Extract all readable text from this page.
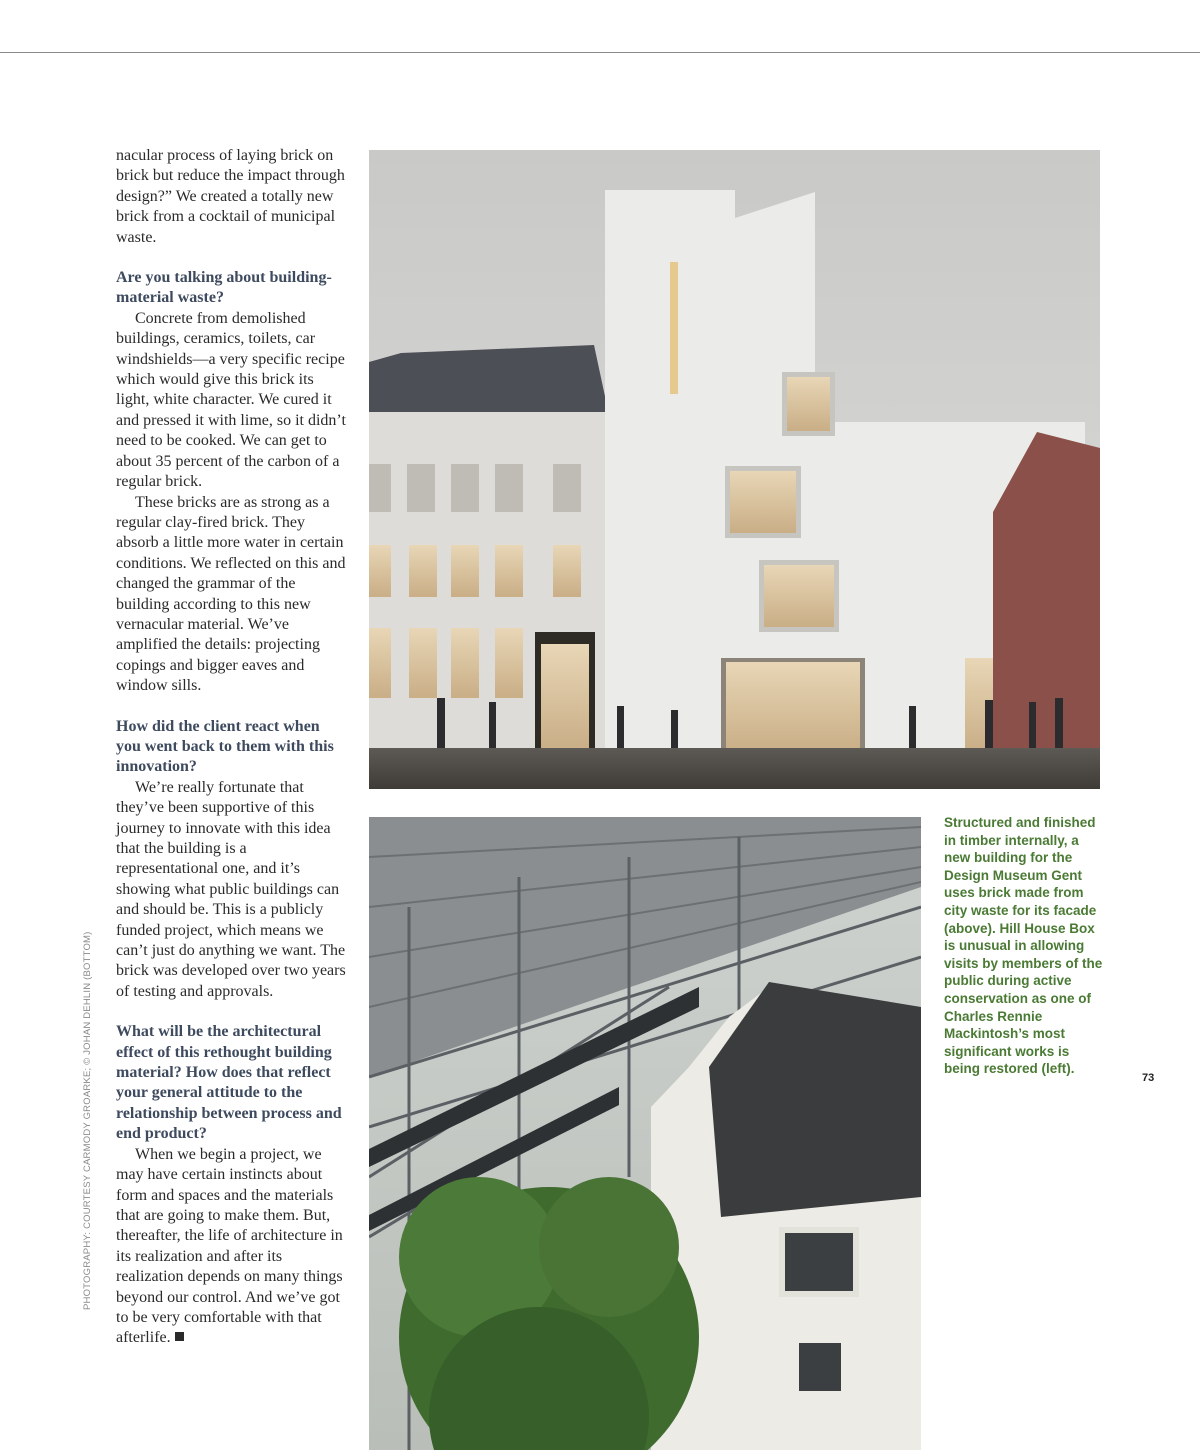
nacular process of laying brick on brick but reduce the impact through design?” We created a totally new brick from a cocktail of municipal waste.

Are you talking about building-material waste?

Concrete from demolished buildings, ceramics, toilets, car windshields—a very specific recipe which would give this brick its light, white character. We cured it and pressed it with lime, so it didn’t need to be cooked. We can get to about 35 percent of the carbon of a regular brick.

These bricks are as strong as a regular clay-fired brick. They absorb a little more water in certain conditions. We reflected on this and changed the grammar of the building according to this new vernacular material. We’ve amplified the details: projecting copings and bigger eaves and window sills.

How did the client react when you went back to them with this innovation?

We’re really fortunate that they’ve been supportive of this journey to innovate with this idea that the building is a representational one, and it’s showing what public buildings can and should be. This is a publicly funded project, which means we can’t just do anything we want. The brick was developed over two years of testing and approvals.

What will be the architectural effect of this rethought building material? How does that reflect your general attitude to the relationship between process and end product?

When we begin a project, we may have certain instincts about form and spaces and the materials that are going to make them. But, thereafter, the life of architecture in its realization and after its realization depends on many things beyond our control. And we’ve got to be very comfortable with that afterlife.

PHOTOGRAPHY: COURTESY CARMODY GROARKE; © JOHAN DEHLIN (BOTTOM)
Structured and finished in timber internally, a new building for the Design Museum Gent uses brick made from city waste for its facade (above). Hill House Box is unusual in allowing visits by members of the public during active conservation as one of Charles Rennie Mackintosh’s most significant works is being restored (left).
73
